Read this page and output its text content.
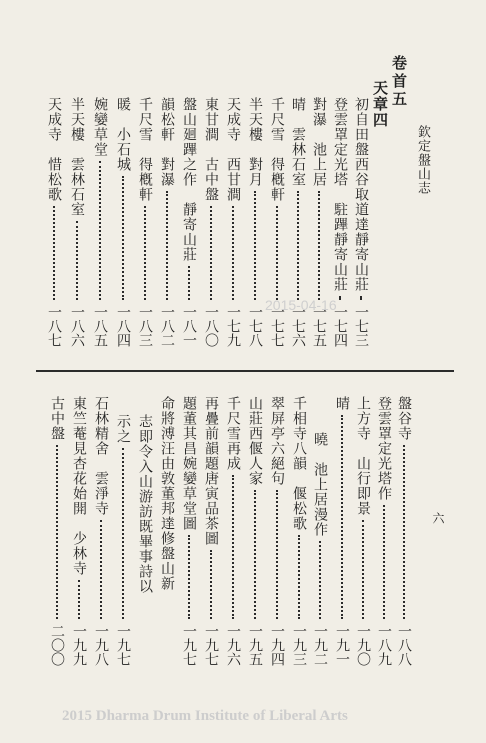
欽定盤山志
六
卷首五
天章四
初自田盤西谷取道達靜寄山莊
一七三
登雲罩定光塔　駐蹕靜寄山莊
一七四
對瀑　池上居
一七五
晴　雲林石室
一七六
千尺雪　得槪軒
一七七
半天樓　對月
一七八
天成寺　西甘澗
一七九
東甘澗　古中盤
一八〇
盤山廻蹕之作　靜寄山莊
一八一
韻松軒　對瀑
一八二
千尺雪　得槪軒
一八三
暖　小石城
一八四
婉孌草堂
一八五
半天樓　雲林石室
一八六
天成寺　惜松歌
一八七
盤谷寺
一八八
登雲罩定光塔作
一八九
上方寺　山行即景
一九〇
晴
一九一
曉　池上居漫作
一九二
千相寺八韻　偃松歌
一九三
翠屏亭六絕句
一九四
山莊西偃人家
一九五
千尺雪再成
一九六
再疊前韻題唐寅品茶圖
一九七
題董其昌婉孌草堂圖
一九七
命將溥汪由敦董邦達修盤山新
志即令入山游訪既畢事詩以
示之
一九七
石林精舍　雲淨寺
一九八
東竺菴見杏花始開　少林寺
一九九
古中盤
二〇〇
2015-04-16
2015 Dharma Drum Institute of Liberal Arts
